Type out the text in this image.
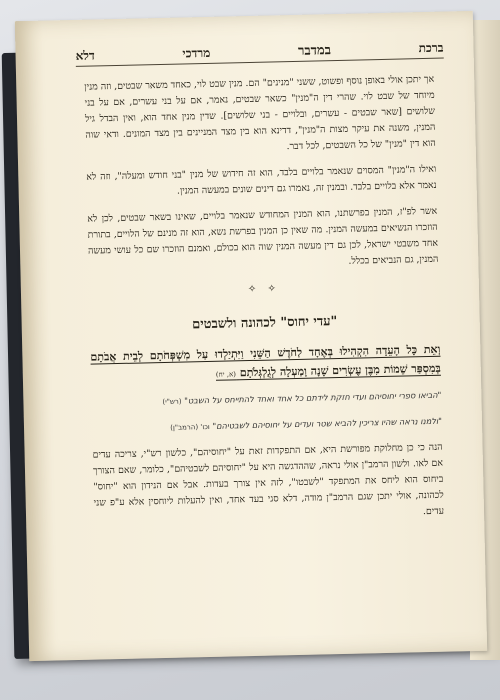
ברכת
במדבר
מרדכי
דלא

אך יתכן אולי באופן נוסף ופשוט, ששני "מנינים" הם. מנין שבט לוי, כאחד משאר שבטים, וזה מנין מיוחד של שבט לוי. שהרי דין ה"מנין" כשאר שבטים, נאמר, אם על בני עשרים, אם על בני שלושים [שאר שבטים - עשרים, ובלויים - בני שלושים]. שדין מנין אחד הוא, ואין הבדל גיל המנין, משנה את עיקר מצות ה"מנין", דדינא הוא בין מצד המניינים בין מצד המונים. ודאי שוה הוא דין "מנין" של כל השבטים, לכל דבר.

ואילו ה"מנין" המסוים שנאמר בלויים בלבד, הוא זה חידוש של מנין "בני חודש ומעלה", וזה לא נאמר אלא בלויים בלבד. ובמנין זה, נאמרו גם דינים שונים במעשה המנין.

אשר לפ"ז, המנין בפרשתנו, הוא המנין המחודש שנאמר בלויים, שאינו בשאר שבטים, לכן לא הוזכרו הנשיאים במעשה המנין. מה שאין כן המנין בפרשת נשא, הוא זה מנינם של הלויים, בתורת אחד משבטי ישראל, לכן גם דין מעשה המנין שוה הוא בכולם, ואמנם הוזכרו שם כל עושי מעשה המנין, גם הנביאים בכלל.

✧ ✧
"עדי יחוס" לכהונה ולשבטים

וְאֵת כָּל הָעֵדָה הִקְהִילוּ בְּאֶחָד לַחֹדֶשׁ הַשֵּׁנִי וַיִּתְיַלְדוּ עַל מִשְׁפְּחֹתָם לְבֵית אֲבֹתָם בְּמִסְפַּר שֵׁמוֹת מִבֶּן עֶשְׂרִים שָׁנָה וָמַעְלָה לְגֻלְגְּלֹתָם (א, יח)

"הביאו ספרי יחוסיהם ועדי חזקת לידתם כל אחד ואחד להתייחס על השבט" (רש"י)

"ולמנו נראה שהיו צריכין להביא שטר ועדים על יחוסיהם לשבטיהם" וכו' (הרמב"ן)

הנה כי כן מחלוקת מפורשת היא, אם התפקדות זאת על "יחוסיהם", כלשון רש"י, צריכה עדים אם לאו. ולשון הרמב"ן אולי נראה, שההדגשה היא על "יחוסיהם לשבטיהם", כלומר, שאם הצורך ביחוס הוא ליחס את המתפקד "לשבטו", לזה אין צורך בעדות. אבל אם הנידון הוא "יחוס" לכהונה, אולי יתכן שגם הרמב"ן מודה, דלא סגי בעד אחד, ואין להעלות ליוחסין אלא ע"פ שני עדים.
